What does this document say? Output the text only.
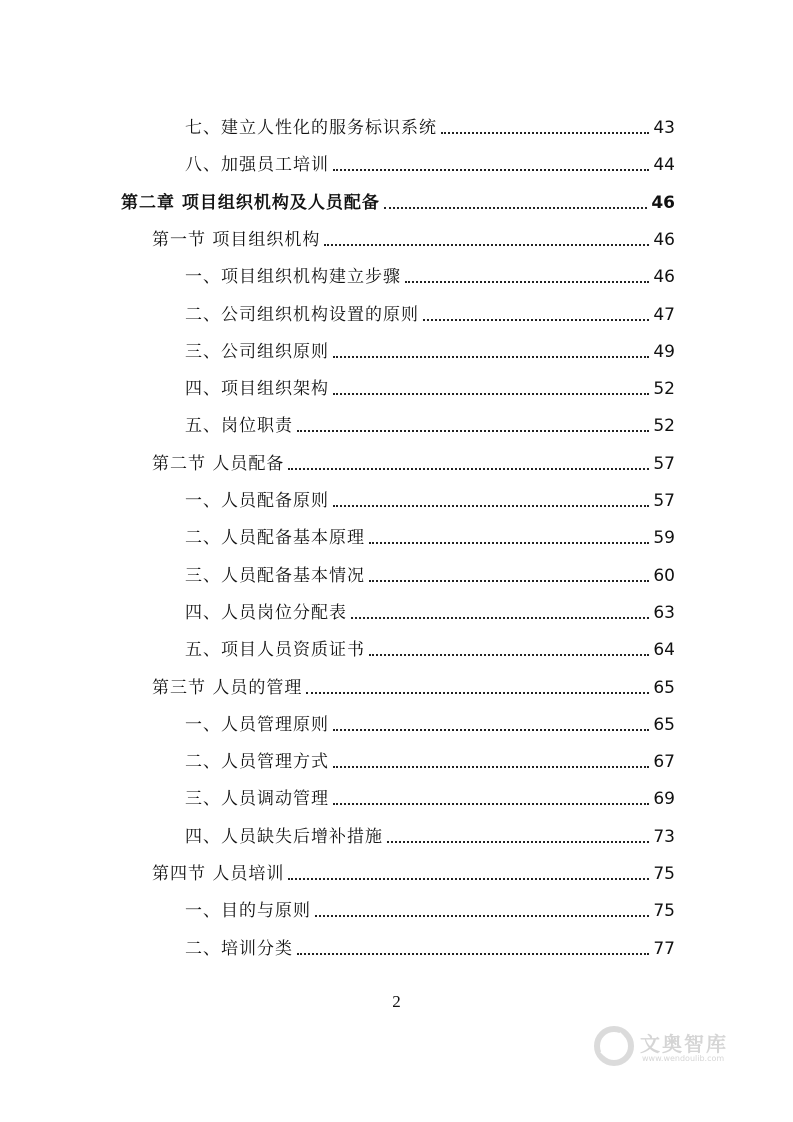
七、建立人性化的服务标识系统	43
八、加强员工培训	44
第二章 项目组织机构及人员配备	46
第一节 项目组织机构	46
一、项目组织机构建立步骤	46
二、公司组织机构设置的原则	47
三、公司组织原则	49
四、项目组织架构	52
五、岗位职责	52
第二节 人员配备	57
一、人员配备原则	57
二、人员配备基本原理	59
三、人员配备基本情况	60
四、人员岗位分配表	63
五、项目人员资质证书	64
第三节 人员的管理	65
一、人员管理原则	65
二、人员管理方式	67
三、人员调动管理	69
四、人员缺失后增补措施	73
第四节 人员培训	75
一、目的与原则	75
二、培训分类	77
2
文奥智库
www.wendoulib.com
